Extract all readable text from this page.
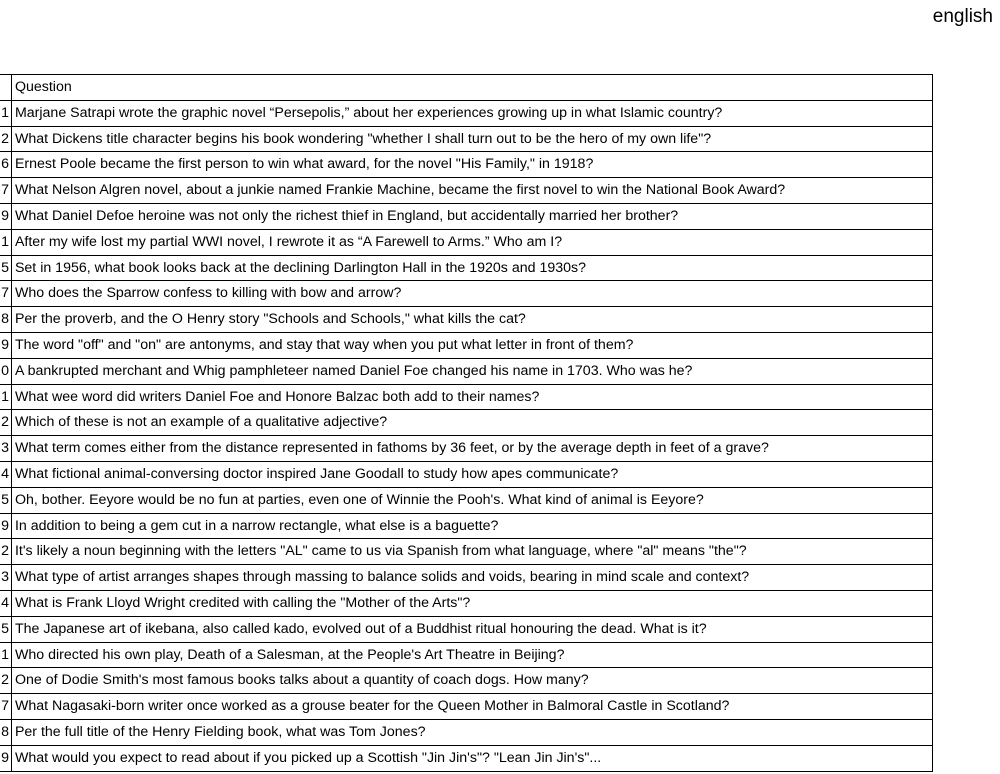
english
	Question
1	Marjane Satrapi wrote the graphic novel “Persepolis,” about her experiences growing up in what Islamic country?
2	What Dickens title character begins his book wondering "whether I shall turn out to be the hero of my own life"?
6	Ernest Poole became the first person to win what award, for the novel "His Family," in 1918?
7	What Nelson Algren novel, about a junkie named Frankie Machine, became the first novel to win the National Book Award?
9	What Daniel Defoe heroine was not only the richest thief in England, but accidentally married her brother?
1	After my wife lost my partial WWI novel, I rewrote it as “A Farewell to Arms.” Who am I?
5	Set in 1956, what book looks back at the declining Darlington Hall in the 1920s and 1930s?
7	Who does the Sparrow confess to killing with bow and arrow?
8	Per the proverb, and the O Henry story "Schools and Schools," what kills the cat?
9	The word "off" and "on" are antonyms, and stay that way when you put what letter in front of them?
0	A bankrupted merchant and Whig pamphleteer named Daniel Foe changed his name in 1703. Who was he?
1	What wee word did writers Daniel Foe and Honore Balzac both add to their names?
2	Which of these is not an example of a qualitative adjective?
3	What term comes either from the distance represented in fathoms by 36 feet, or by the average depth in feet of a grave?
4	What fictional animal-conversing doctor inspired Jane Goodall to study how apes communicate?
5	Oh, bother. Eeyore would be no fun at parties, even one of Winnie the Pooh's. What kind of animal is Eeyore?
9	In addition to being a gem cut in a narrow rectangle, what else is a baguette?
2	It's likely a noun beginning with the letters "AL" came to us via Spanish from what language, where "al" means "the"?
3	What type of artist arranges shapes through massing to balance solids and voids, bearing in mind scale and context?
4	What is Frank Lloyd Wright credited with calling the "Mother of the Arts"?
5	The Japanese art of ikebana, also called kado, evolved out of a Buddhist ritual honouring the dead. What is it?
1	Who directed his own play, Death of a Salesman, at the People's Art Theatre in Beijing?
2	One of Dodie Smith's most famous books talks about a quantity of coach dogs. How many?
7	What Nagasaki-born writer once worked as a grouse beater for the Queen Mother in Balmoral Castle in Scotland?
8	Per the full title of the Henry Fielding book, what was Tom Jones?
9	What would you expect to read about if you picked up a Scottish "Jin Jin's"? "Lean Jin Jin's"...
